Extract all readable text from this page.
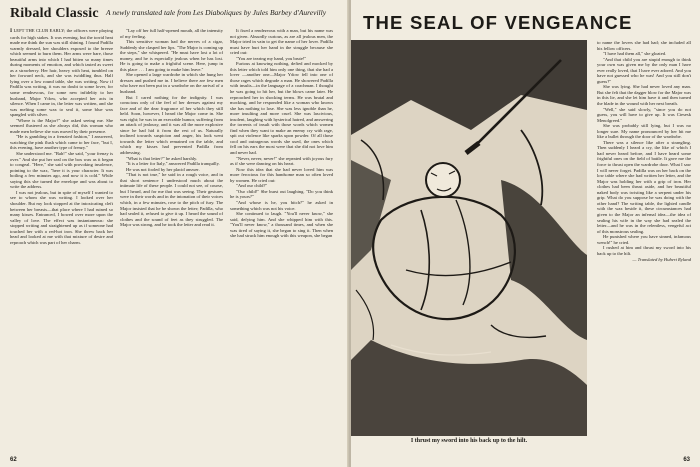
Ribald Classic A newly translated tale from Les Diaboliques by Jules Barbey d'Aurevilly

I LEFT THE CLUB EARLY; the officers were playing cards for high stakes. It was evening, but the torrid heat made me think the sun was still shining. I found Padilla warmly dressed, her shoulders exposed to the breeze which seemed to burn them. Her arms were bare, those beautiful arms into which I had bitten so many times during moments of emotion, and which tasted as sweet as a strawberry. Her hair, heavy with heat, tumbled on her forward neck, and she was twiddling thus. Half lying over a low round table, she was writing. Now if Padilla was writing, it was no doubt to some lover, for some rendezvous, for some new infidelity to her husband, Major Ydow, who accepted her acts in silence. When I came in, the letter was written, and she was melting some wax to seal it, some blue wax spangled with silver.

"Where is the Major?" she asked seeing me. She seemed flustered as she always did, this woman who made men believe she was moved by their presence.

"He is gambling in a frenzied fashion," I answered, watching the pink flush which came to her face, "but I, this evening, have another type of frenzy."

She understood me. "Bah!" she said, "your frenzy is over." And she put her seal on the box wax as it began to congeal. "Here," she said with provoking insolence, pointing to the wax, "here it is your character. It was boiling a few minutes ago, and now it is cold." While saying this she turned the envelope and was about to write the address.

I was not jealous, but in spite of myself I wanted to see to whom she was writing. I looked over her shoulder. But my look stopped at the intoxicating cleft between her breasts—that place where I had ruined so many kisses. Entranced, I bowed over more upon the valley of love. The effect was instantaneous: she stopped writing and straightened up as if someone had touched her with a red-hot iron. She threw back her head and looked at me with that mixture of desire and reproach which was part of her charm.

"Lay off her full half-opened mouth, all the intensity of my feeling.

This sensitive woman had the nerves of a cigar, Suddenly she clasped her lips. "The Major is coming up the steps," she whispered. "He must have lost a lot of money, and he is especially jealous when he has lost. He is going to make a frightful scene. Here, jump in this place . . . I am going to make him leave."

She opened a large wardrobe in which she hung her dresses and pushed me in. I believe there are few men who have not been put in a wardrobe on the arrival of a husband.

But I cared nothing for the indignity. I was conscious only of the feel of her dresses against my face and of the dear fragrance of her which they still held. Soon, however, I heard the Major come in. She was right; he was in an execrable humor, suffering from an attack of jealousy, and it was all the more explosive since he had hid it from the rest of us. Naturally inclined towards suspicion and anger, his look went towards the letter which remained on the table, and which my kisses had prevented Padilla from addressing.

"What is that letter?" he asked harshly.

"It is a letter for Italy," answered Padilla tranquilly.

He was not fooled by her placid answer.

"That is not true," he said in a rough voice, and in that short sentence I understood much about the intimate life of these people. I could not see, of course, but I heard, and for me that was seeing. Their gestures were in their words and in the intonation of their voices which, in a few minutes, rose to the pitch of fury. The Major insisted that he be shown the letter; Padilla, who had sealed it, refused to give it up. I heard the sound of clothes and the sound of feet as they struggled. The Major was strong, and he took the letter and read it.

It fixed a rendezvous with a man, but his name was not given. Absurdly curious, as are all jealous men, the Major tried in vain to get the name of her lover. Padilla must have hurt her hand in the struggle because she cried out:

"You are tearing my hand, you brute!"

Furious at knowing nothing, defied and mocked by this letter which told him only one thing, that she had a lover —another one—Major Ydow fell into one of those rages which degrade a man. He showered Padilla with insults—in the language of a coachman. I thought he was going to hit her, but the blows came later. He reproached her in shocking terms. He was brutal and mocking, and he responded like a woman who knows she has nothing to lose. She was less ignoble than he, more insulting and more cruel. She was lascivious, insolent, laughing with hysterical hatred, and answering the torrents of insult with those words which women find when they want to make an enemy cry with rage, spit out violence like sparks upon powder. Of all those cool and outrageous words she used, the ones which fell on his ears the most were that she did not love him and never had.

"Never, never, never!" she repeated with joyous fury as if she were dancing on his heart.

Now this idea that she had never loved him was more ferocious for this handsome man so often loved by women. He cried out:

"And our child?"

"Our child!" She burst out laughing. "Do you think he is yours?"

"And whose is he, you bitch?" he asked in something which was not his voice.

She continued to laugh. "You'll never know," she said, defying him. And she whipped him with this. "You'll never know," a thousand times, and when she was tired of saying it, she began to sing it. Then when she had struck him enough with this weapon, she began

62
THE SEAL OF VENGEANCE
I thrust my sword into his back up to the hilt.

to name the lovers she had had; she included all his fellow officers.

"I have had them all," she gloated.

"And that child you are stupid enough to think your own was given me by the only man I have ever really loved, that I have ever adored. And you have not guessed who he was! And you still don't guess?"

She was lying. She had never loved any man. But she felt that the dagger blow for the Major was in this lie, and she let him have it and then turned the blade in the wound with her next breath.

"Well," she said slowly, "since you do not guess, you will have to give up. It was Ciesesk Menolgreed."

She was probably still lying, but I was no longer sure. My name pronounced by her hit me like a bullet through the door of the wardrobe.

There was a silence like after a strangling. Then suddenly I heard a cry, the like of which I had never heard before, and I have heard some frightful ones on the field of battle. It gave me the force to thrust open the wardrobe door. What I saw I will never forget. Padilla was on her back on the low table where she had written her letter, and the Major was holding her with a grip of iron. Her clothes had been thrust aside, and her beautiful naked body was twisting like a serpent under his grip. What do you suppose he was doing with the other hand? The writing table, the lighted candle with the wax beside it, these circumstances had given to the Major an infernal idea—the idea of sealing his wife in the way she had sealed the letter—and he was in the relentless, vengeful act of this monstrous sealing.

He punished where you have sinned, infamous wench!" he cried.

I rushed at him and thrust my sword into his back up to the hilt.

— Translated by Hubert Ryland
63
